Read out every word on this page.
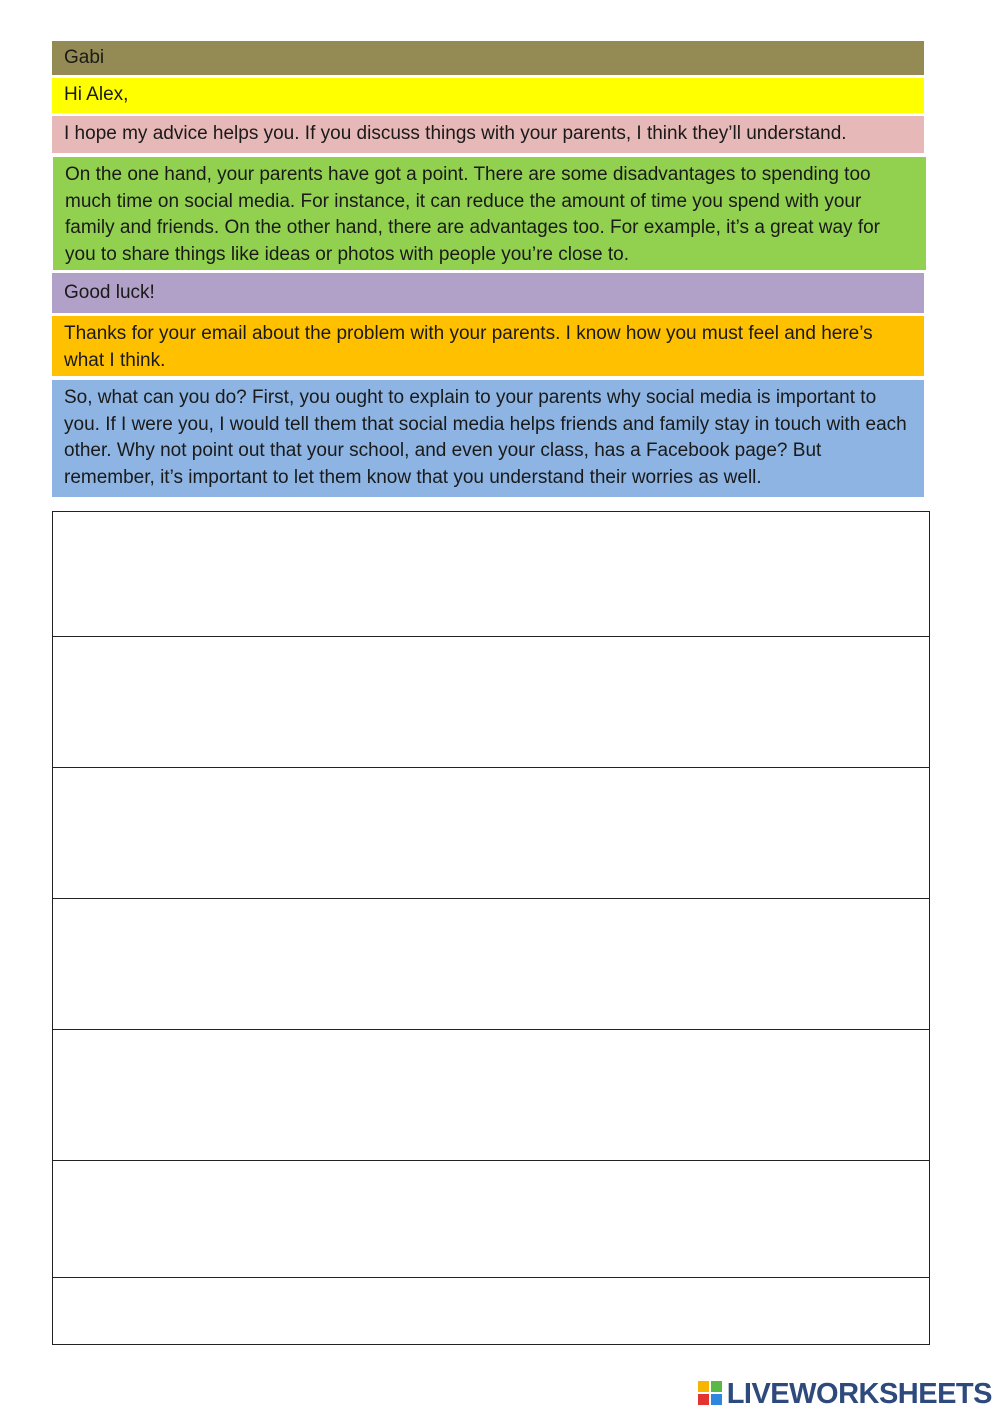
Gabi
Hi Alex,
I hope my advice helps you. If you discuss things with your parents, I think they’ll understand.
On the one hand, your parents have got a point. There are some disadvantages to spending too much time on social media. For instance, it can reduce the amount of time you spend with your family and friends. On the other hand, there are advantages too. For example, it’s a great way for you to share things like ideas or photos with people you’re close to.
Good luck!
Thanks for your email about the problem with your parents. I know how you must feel and here’s what I think.
So, what can you do? First, you ought to explain to your parents why social media is important to you. If I were you, I would tell them that social media helps friends and family stay in touch with each other. Why not point out that your school, and even your class, has a Facebook page? But remember, it’s important to let them know that you understand their worries as well.
LIVEWORKSHEETS
